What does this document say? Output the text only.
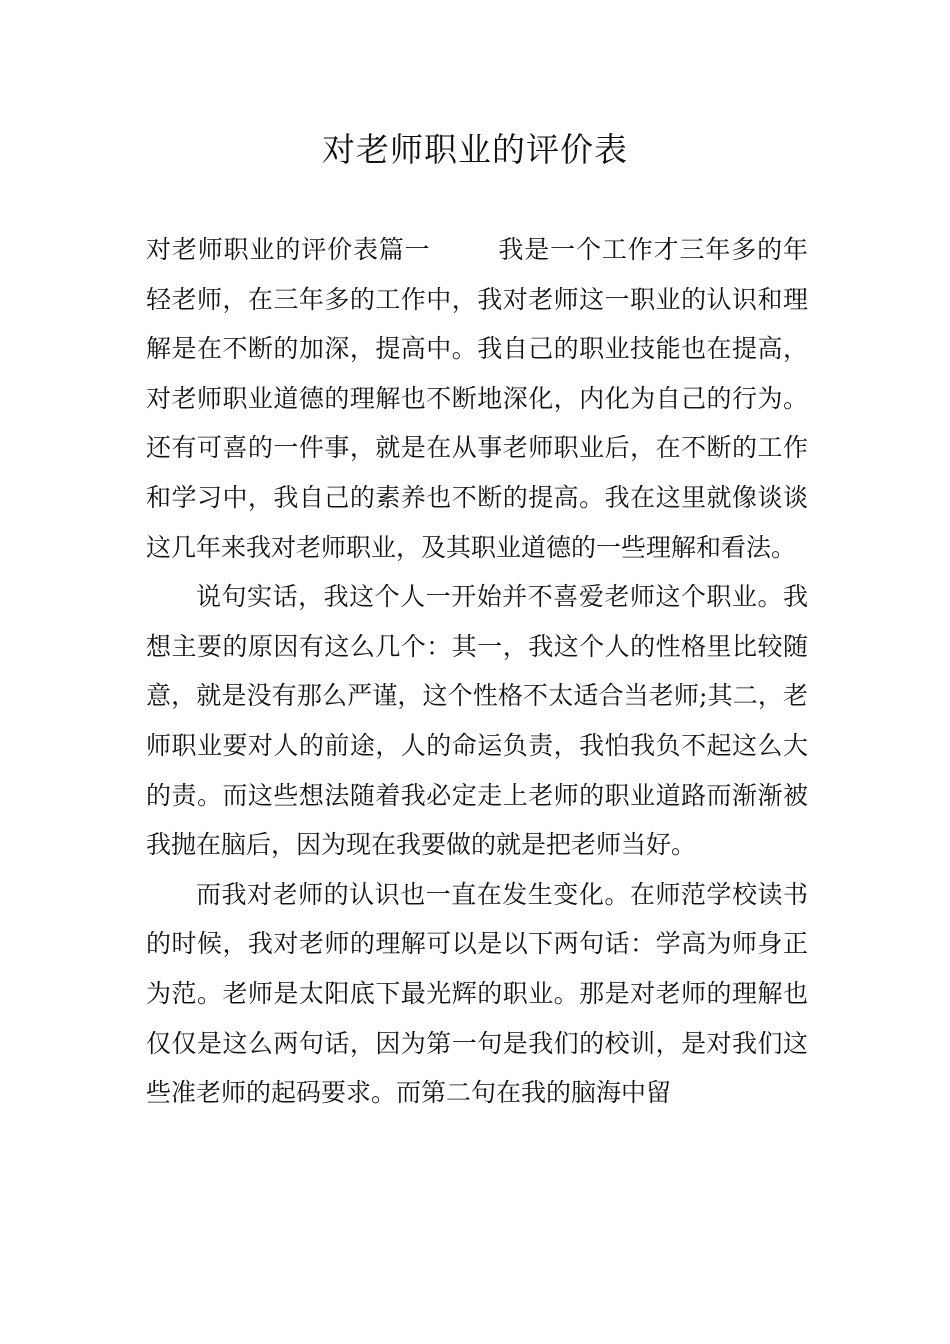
对老师职业的评价表

对老师职业的评价表篇一	我是一个工作才三年多的年轻老师，在三年多的工作中，我对老师这一职业的认识和理解是在不断的加深，提高中。我自己的职业技能也在提高，对老师职业道德的理解也不断地深化，内化为自己的行为。还有可喜的一件事，就是在从事老师职业后，在不断的工作和学习中，我自己的素养也不断的提高。我在这里就像谈谈这几年来我对老师职业，及其职业道德的一些理解和看法。

说句实话，我这个人一开始并不喜爱老师这个职业。我想主要的原因有这么几个：其一，我这个人的性格里比较随意，就是没有那么严谨，这个性格不太适合当老师;其二，老师职业要对人的前途，人的命运负责，我怕我负不起这么大的责。而这些想法随着我必定走上老师的职业道路而渐渐被我抛在脑后，因为现在我要做的就是把老师当好。

而我对老师的认识也一直在发生变化。在师范学校读书的时候，我对老师的理解可以是以下两句话：学高为师身正为范。老师是太阳底下最光辉的职业。那是对老师的理解也仅仅是这么两句话，因为第一句是我们的校训，是对我们这些准老师的起码要求。而第二句在我的脑海中留
